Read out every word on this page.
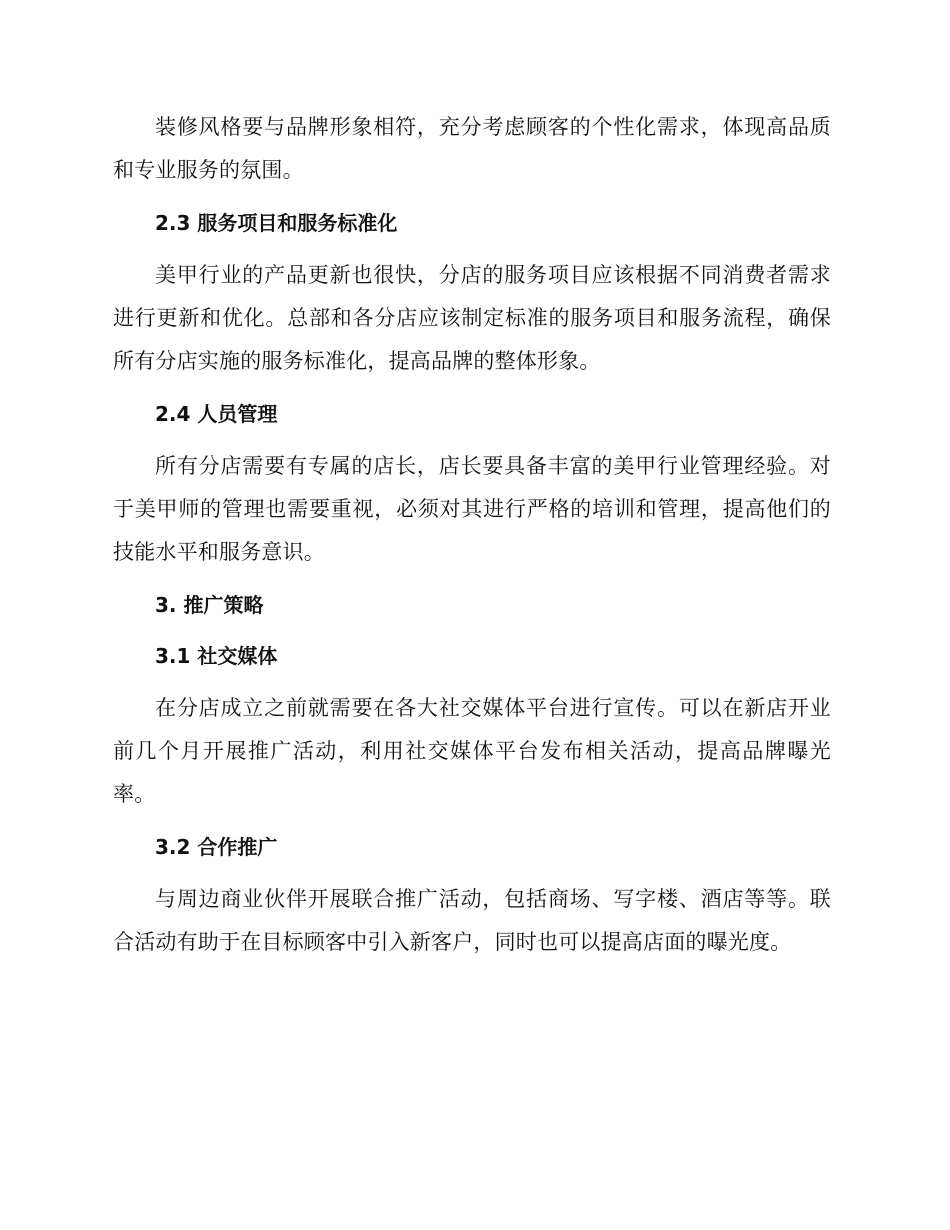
装修风格要与品牌形象相符，充分考虑顾客的个性化需求，体现高品质和专业服务的氛围。

2.3 服务项目和服务标准化

美甲行业的产品更新也很快，分店的服务项目应该根据不同消费者需求进行更新和优化。总部和各分店应该制定标准的服务项目和服务流程，确保所有分店实施的服务标准化，提高品牌的整体形象。

2.4 人员管理

所有分店需要有专属的店长，店长要具备丰富的美甲行业管理经验。对于美甲师的管理也需要重视，必须对其进行严格的培训和管理，提高他们的技能水平和服务意识。

3. 推广策略
3.1 社交媒体

在分店成立之前就需要在各大社交媒体平台进行宣传。可以在新店开业前几个月开展推广活动，利用社交媒体平台发布相关活动，提高品牌曝光率。

3.2 合作推广

与周边商业伙伴开展联合推广活动，包括商场、写字楼、酒店等等。联合活动有助于在目标顾客中引入新客户，同时也可以提高店面的曝光度。
